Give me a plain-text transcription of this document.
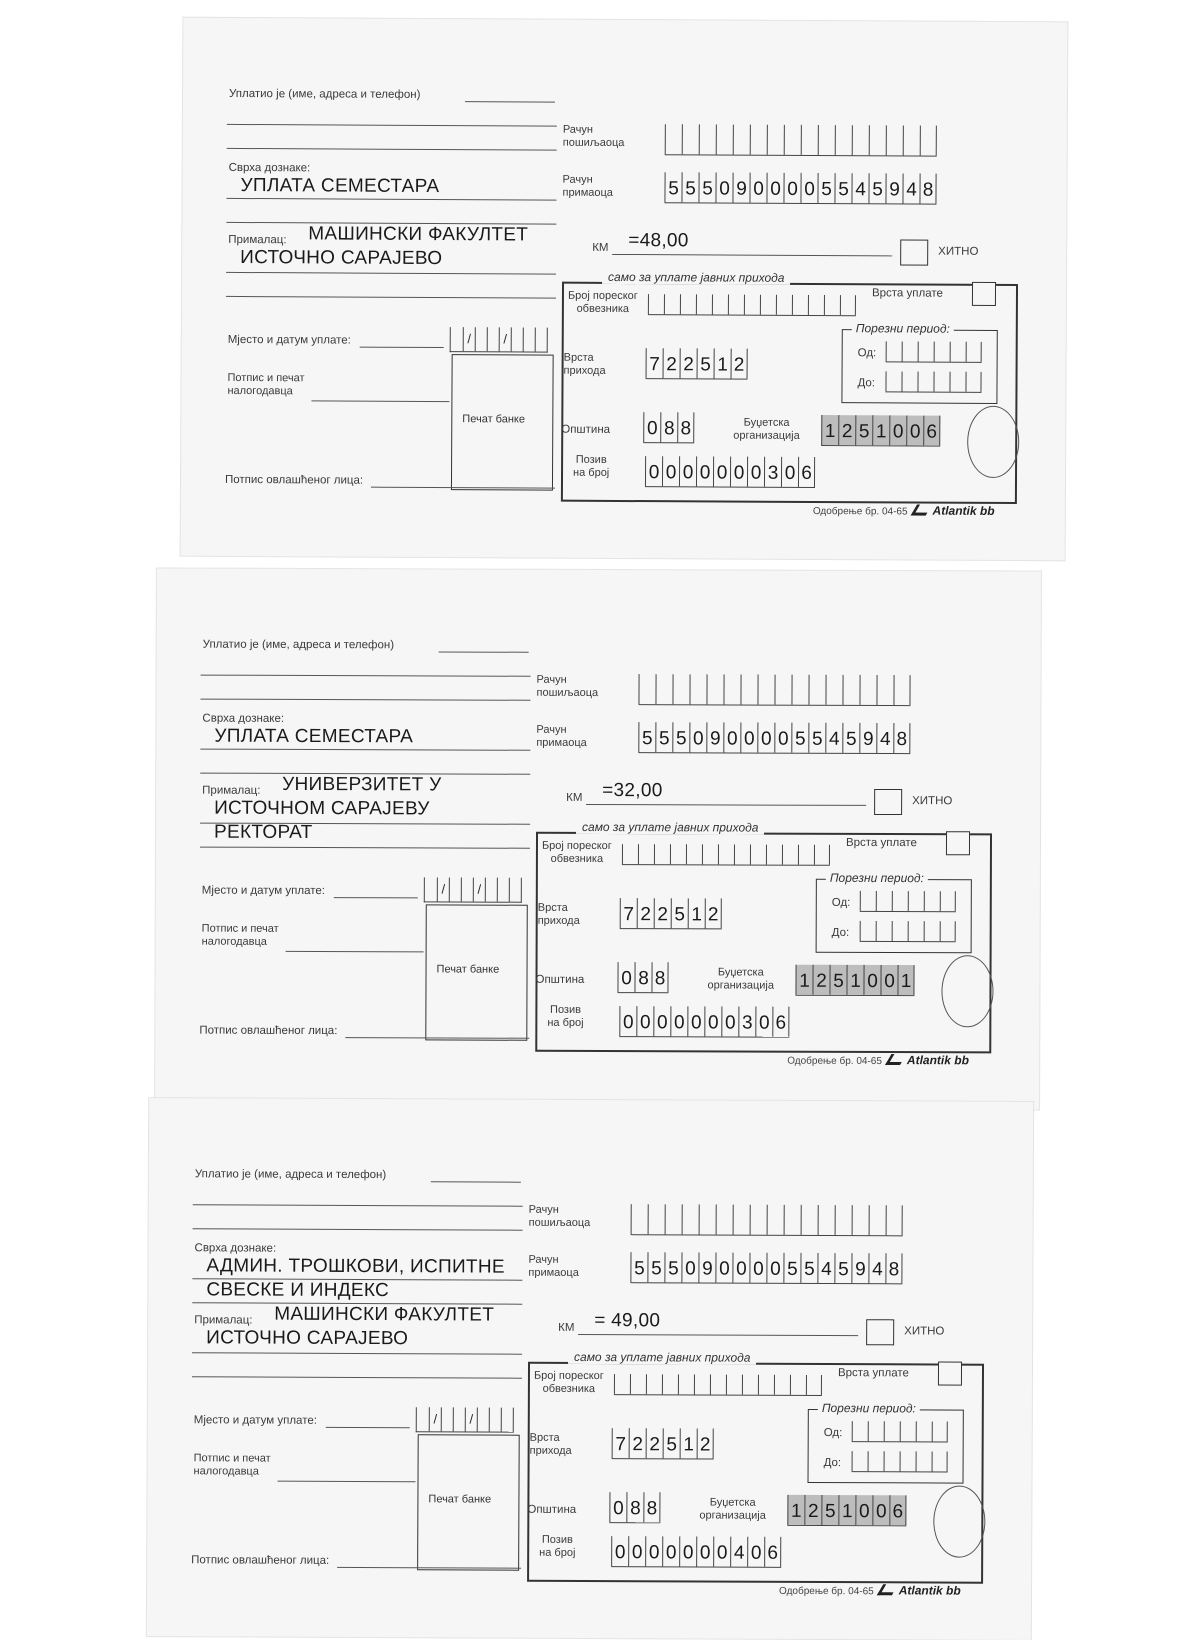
Уплатио је (име, адреса и телефон)
Рачун
пошиљаоца
Сврха дознаке:
УПЛАТА СЕМЕСТАРА	Рачун
примаоца	5 5 5 0 9 0 0 0 0 5 5 4 5 9 4 8
Прималац:	МАШИНСКИ ФАКУЛТЕТ
ИСТОЧНО САРАЈЕВО	КМ =48,00
ХИТНО
само за уплате јавних прихода
Број пореског
обвезника
Врста уплате
Порезни период:
Од:
До:
Мјесто и датум уплате:	/	/
Потпис и печат
налогодавца
Печат банке
Врста
прихода 7 2 2 5 1 2
Општина 0 8 8	Буџетска
организација 1 2 5 1 0 0 6
Позив
на број 0 0 0 0 0 0 0 3 0 6
Потпис овлашћеног лица:
Одобрење бр. 04-65 Atlantik bb
Уплатио је (име, адреса и телефон)
Рачун
пошиљаоца
Сврха дознаке:
УПЛАТА СЕМЕСТАРА	Рачун
примаоца	5 5 5 0 9 0 0 0 0 5 5 4 5 9 4 8
Прималац:	УНИВЕРЗИТЕТ У
ИСТОЧНОМ САРАЈЕВУ
РЕКТОРАТ
КМ =32,00	ХИТНО
само за уплате јавних прихода
Број пореског
обвезника
Врста уплате
Порезни период:
Од:
До:
Мјесто и датум уплате:	/	/
Потпис и печат
налогодавца
Печат банке
Врста
прихода 7 2 2 5 1 2
Општина 0 8 8	Буџетска
организација 1 2 5 1 0 0 1
Позив
на број 0 0 0 0 0 0 0 3 0 6
Потпис овлашћеног лица:
Одобрење бр. 04-65 Atlantik bb
Уплатио је (име, адреса и телефон)
Рачун
пошиљаоца
Сврха дознаке:
АДМИН. ТРОШКОВИ, ИСПИТНЕ
СВЕСКЕ И ИНДЕКС
Рачун
примаоца	5 5 5 0 9 0 0 0 0 5 5 4 5 9 4 8
Прималац:	МАШИНСКИ ФАКУЛТЕТ
ИСТОЧНО САРАЈЕВО	КМ = 49,00
ХИТНО
само за уплате јавних прихода
Број пореског
обвезника
Врста уплате
Порезни период:
Од:
До:
Мјесто и датум уплате:	/	/
Потпис и печат
налогодавца
Печат банке
Врста
прихода 7 2 2 5 1 2
Општина 0 8 8	Буџетска
организација 1 2 5 1 0 0 6
Позив
на број 0 0 0 0 0 0 0 4 0 6
Потпис овлашћеног лица:
Одобрење бр. 04-65 Atlantik bb
